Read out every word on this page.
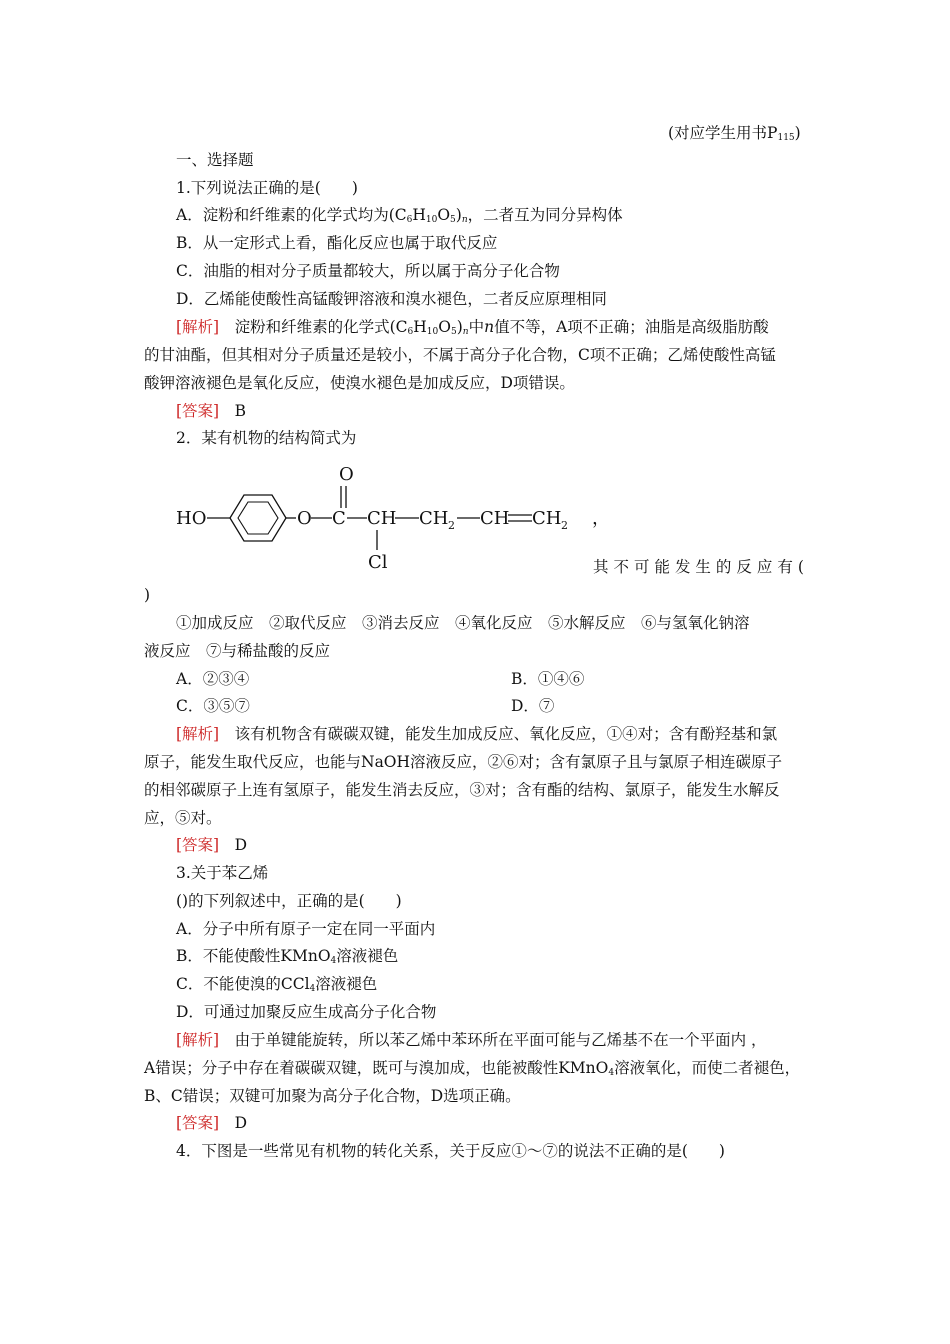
(对应学生用书$P_{115}$)
一、选择题
1.下列说法正确的是(　　)
A．淀粉和纤维素的化学式均为$(C_6H_{10}O_5)_n$，二者互为同分异构体
B．从一定形式上看，酯化反应也属于取代反应
C．油脂的相对分子质量都较大，所以属于高分子化合物
D．乙烯能使酸性高锰酸钾溶液和溴水褪色，二者反应原理相同
[解析]　淀粉和纤维素的化学式$(C_6H_{10}O_5)_n$中n值不等，A项不正确；油脂是高级脂肪酸
的甘油酯，但其相对分子质量还是较小，不属于高分子化合物，C项不正确；乙烯使酸性高锰
酸钾溶液褪色是氧化反应，使溴水褪色是加成反应，D项错误。
[答案]　 B
2．某有机物的结构简式为
O
HO	O C CH
Cl
CH 2 CH CH 2 ，
其 不 可 能 发 生 的 反 应 有 (
)
①加成反应　②取代反应　③消去反应　④氧化反应　⑤水解反应　⑥与氢氧化钠溶
液反应　⑦与稀盐酸的反应
A．②③④	B．①④⑥
C．③⑤⑦	D．⑦
[解析]　该有机物含有碳碳双键，能发生加成反应、氧化反应，①④对；含有酚羟基和氯
原子，能发生取代反应，也能与NaOH溶液反应，②⑥对；含有氯原子且与氯原子相连碳原子
的相邻碳原子上连有氢原子，能发生消去反应，③对；含有酯的结构、氯原子，能发生水解反
应，⑤对。
[答案]　 D
3.关于苯乙烯
()的下列叙述中，正确的是(　　)
A．分子中所有原子一定在同一平面内
B．不能使酸性KMnO$_4$溶液褪色
C．不能使溴的CCl$_4$溶液褪色
D．可通过加聚反应生成高分子化合物
[解析]　由于单键能旋转，所以苯乙烯中苯环所在平面可能与乙烯基不在一个平面内 ，
A错误；分子中存在着碳碳双键，既可与溴加成，也能被酸性KMnO$_4$溶液氧化，而使二者褪色，
B、C错误；双键可加聚为高分子化合物，D选项正确。
[答案]　 D
4．下图是一些常见有机物的转化关系，关于反应①～⑦的说法不正确的是(　　)
